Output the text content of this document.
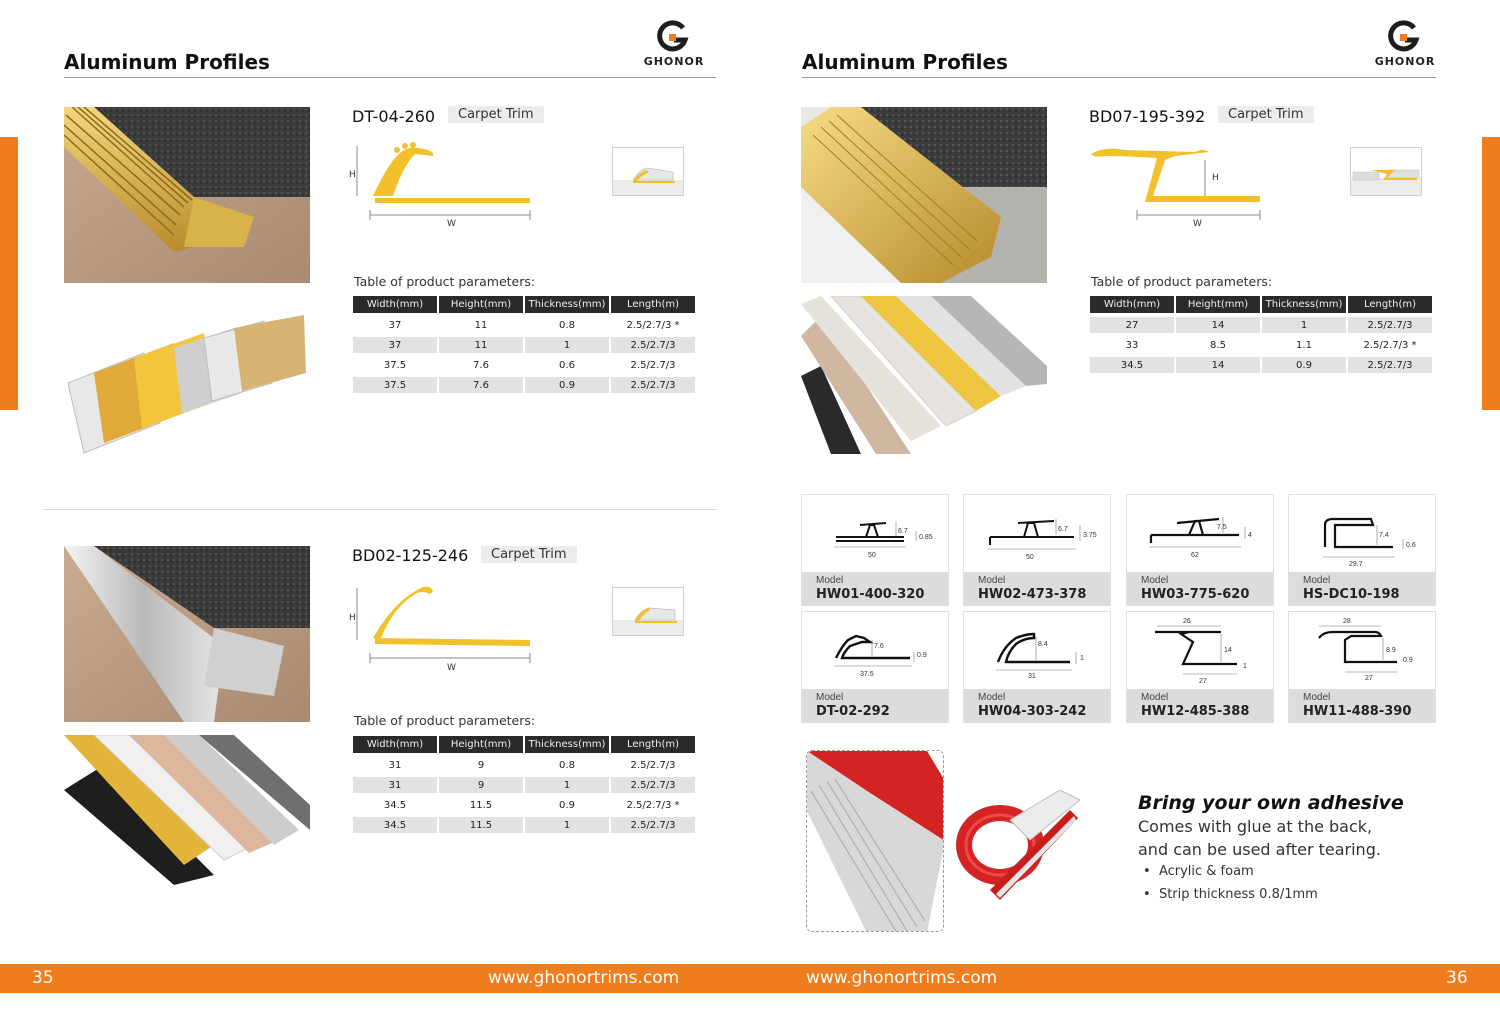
Aluminum Profiles	GHONOR	Aluminum Profiles	GHONOR
DT-04-260	Carpet Trim
H
W
Table of product parameters:
Width(mm)	Height(mm)	Thickness(mm)	Length(m)
37	11	0.8	2.5/2.7/3 *
37	11	1	2.5/2.7/3
37.5	7.6	0.6	2.5/2.7/3
37.5	7.6	0.9	2.5/2.7/3
BD02-125-246	Carpet Trim
H
W
Table of product parameters:
Width(mm)	Height(mm)	Thickness(mm)	Length(m)
31	9	0.8	2.5/2.7/3
31	9	1	2.5/2.7/3
34.5	11.5	0.9	2.5/2.7/3 *
34.5	11.5	1	2.5/2.7/3
BD07-195-392	Carpet Trim
H
W
Table of product parameters:
Width(mm)	Height(mm)	Thickness(mm)	Length(m)
27	14	1	2.5/2.7/3
33	8.5	1.1	2.5/2.7/3 *
34.5	14	0.9	2.5/2.7/3
6.7
0.85
50
Model
HW01-400-320
6.7
3.75
50
Model
HW02-473-378
7.5
4
62
Model
HW03-775-620
7.4
0.6
29.7
Model
HS-DC10-198
7.6
0.9
37.5
Model
DT-02-292
8.4
1
31
Model
HW04-303-242
26
14
1
27
Model
HW12-485-388
28
8.9
0.9
27
Model
HW11-488-390
Bring your own adhesive
Comes with glue at the back,
and can be used after tearing.
•  Acrylic & foam
•  Strip thickness 0.8/1mm
35	www.ghonortrims.com	www.ghonortrims.com	36
